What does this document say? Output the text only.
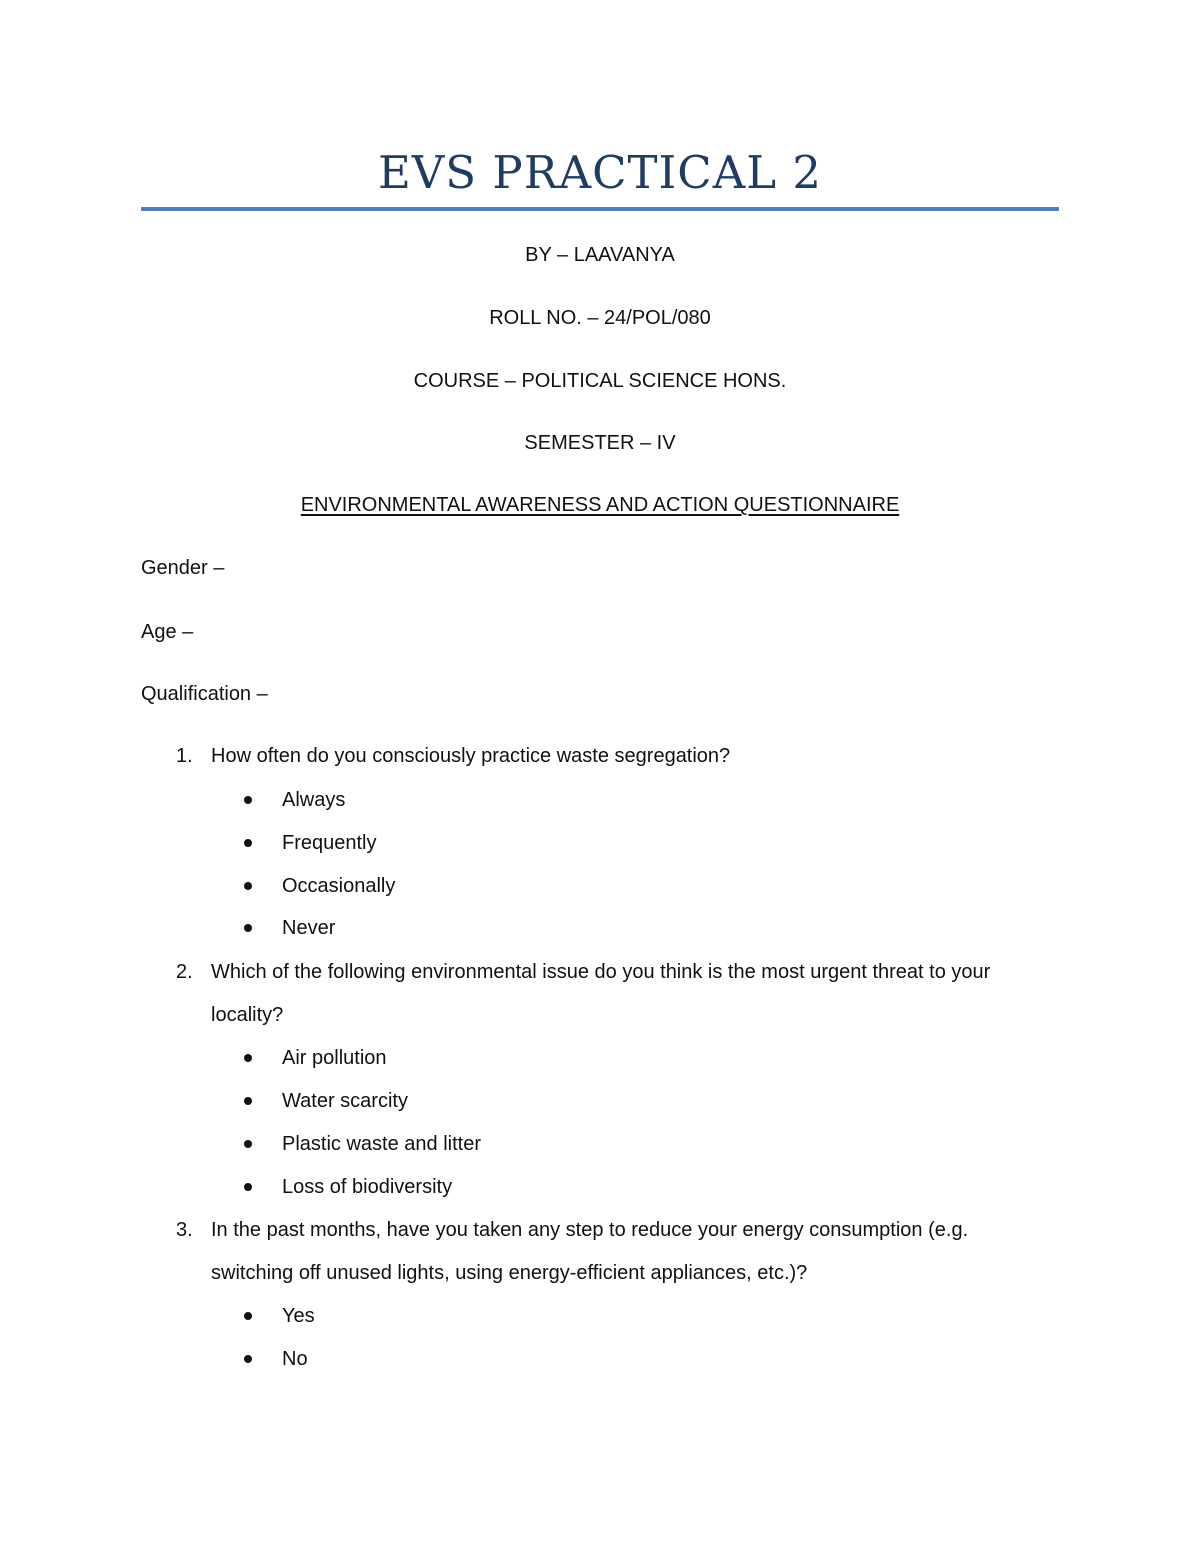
EVS PRACTICAL 2
BY – LAAVANYA
ROLL NO. – 24/POL/080
COURSE – POLITICAL SCIENCE HONS.
SEMESTER – IV
ENVIRONMENTAL AWARENESS AND ACTION QUESTIONNAIRE
Gender –
Age –
Qualification –
1. How often do you consciously practice waste segregation?
Always
Frequently
Occasionally
Never
2. Which of the following environmental issue do you think is the most urgent threat to your locality?
Air pollution
Water scarcity
Plastic waste and litter
Loss of biodiversity
3. In the past months, have you taken any step to reduce your energy consumption (e.g. switching off unused lights, using energy-efficient appliances, etc.)?
Yes
No
